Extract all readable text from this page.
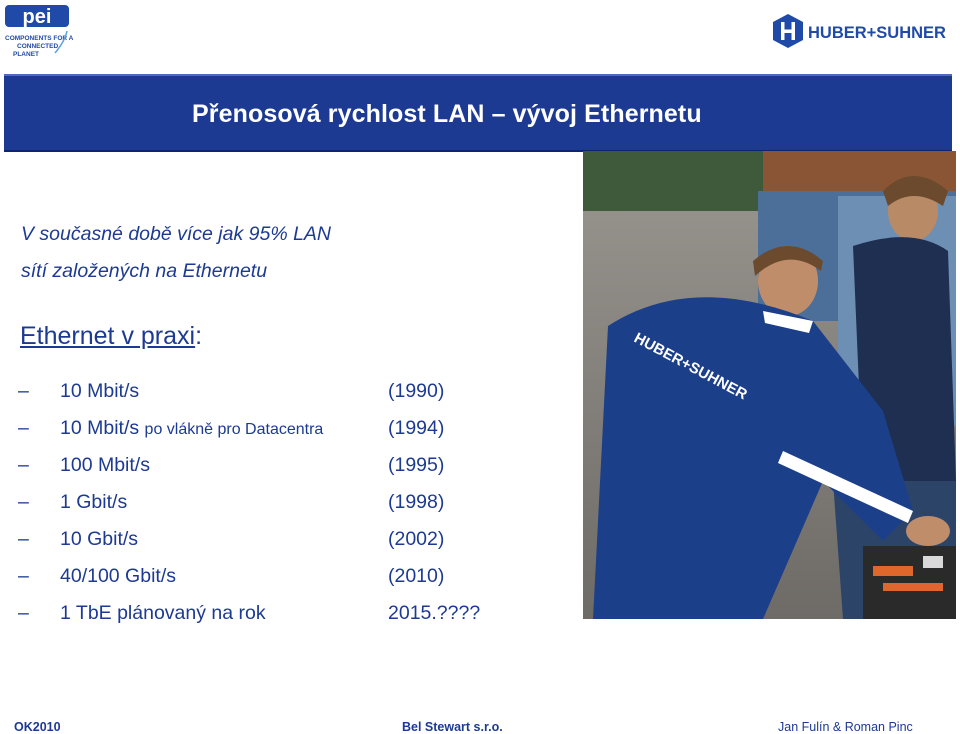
pei
COMPONENTS FOR A
CONNECTED
PLANET
HUBER+SUHNER
Přenosová rychlost LAN – vývoj Ethernetu
V současné době více jak 95% LAN
sítí založených na Ethernetu
Ethernet v praxi:
– 10 Mbit/s	(1990)
– 10 Mbit/s po vlákně pro Datacentra	(1994)
– 100 Mbit/s	(1995)
– 1 Gbit/s	(1998)
– 10 Gbit/s	(2002)
– 40/100 Gbit/s	(2010)
– 1 TbE plánovaný na rok	2015.????
HUBER+SUHNER
OK2010	Bel Stewart s.r.o.	Jan Fulín & Roman Pinc
